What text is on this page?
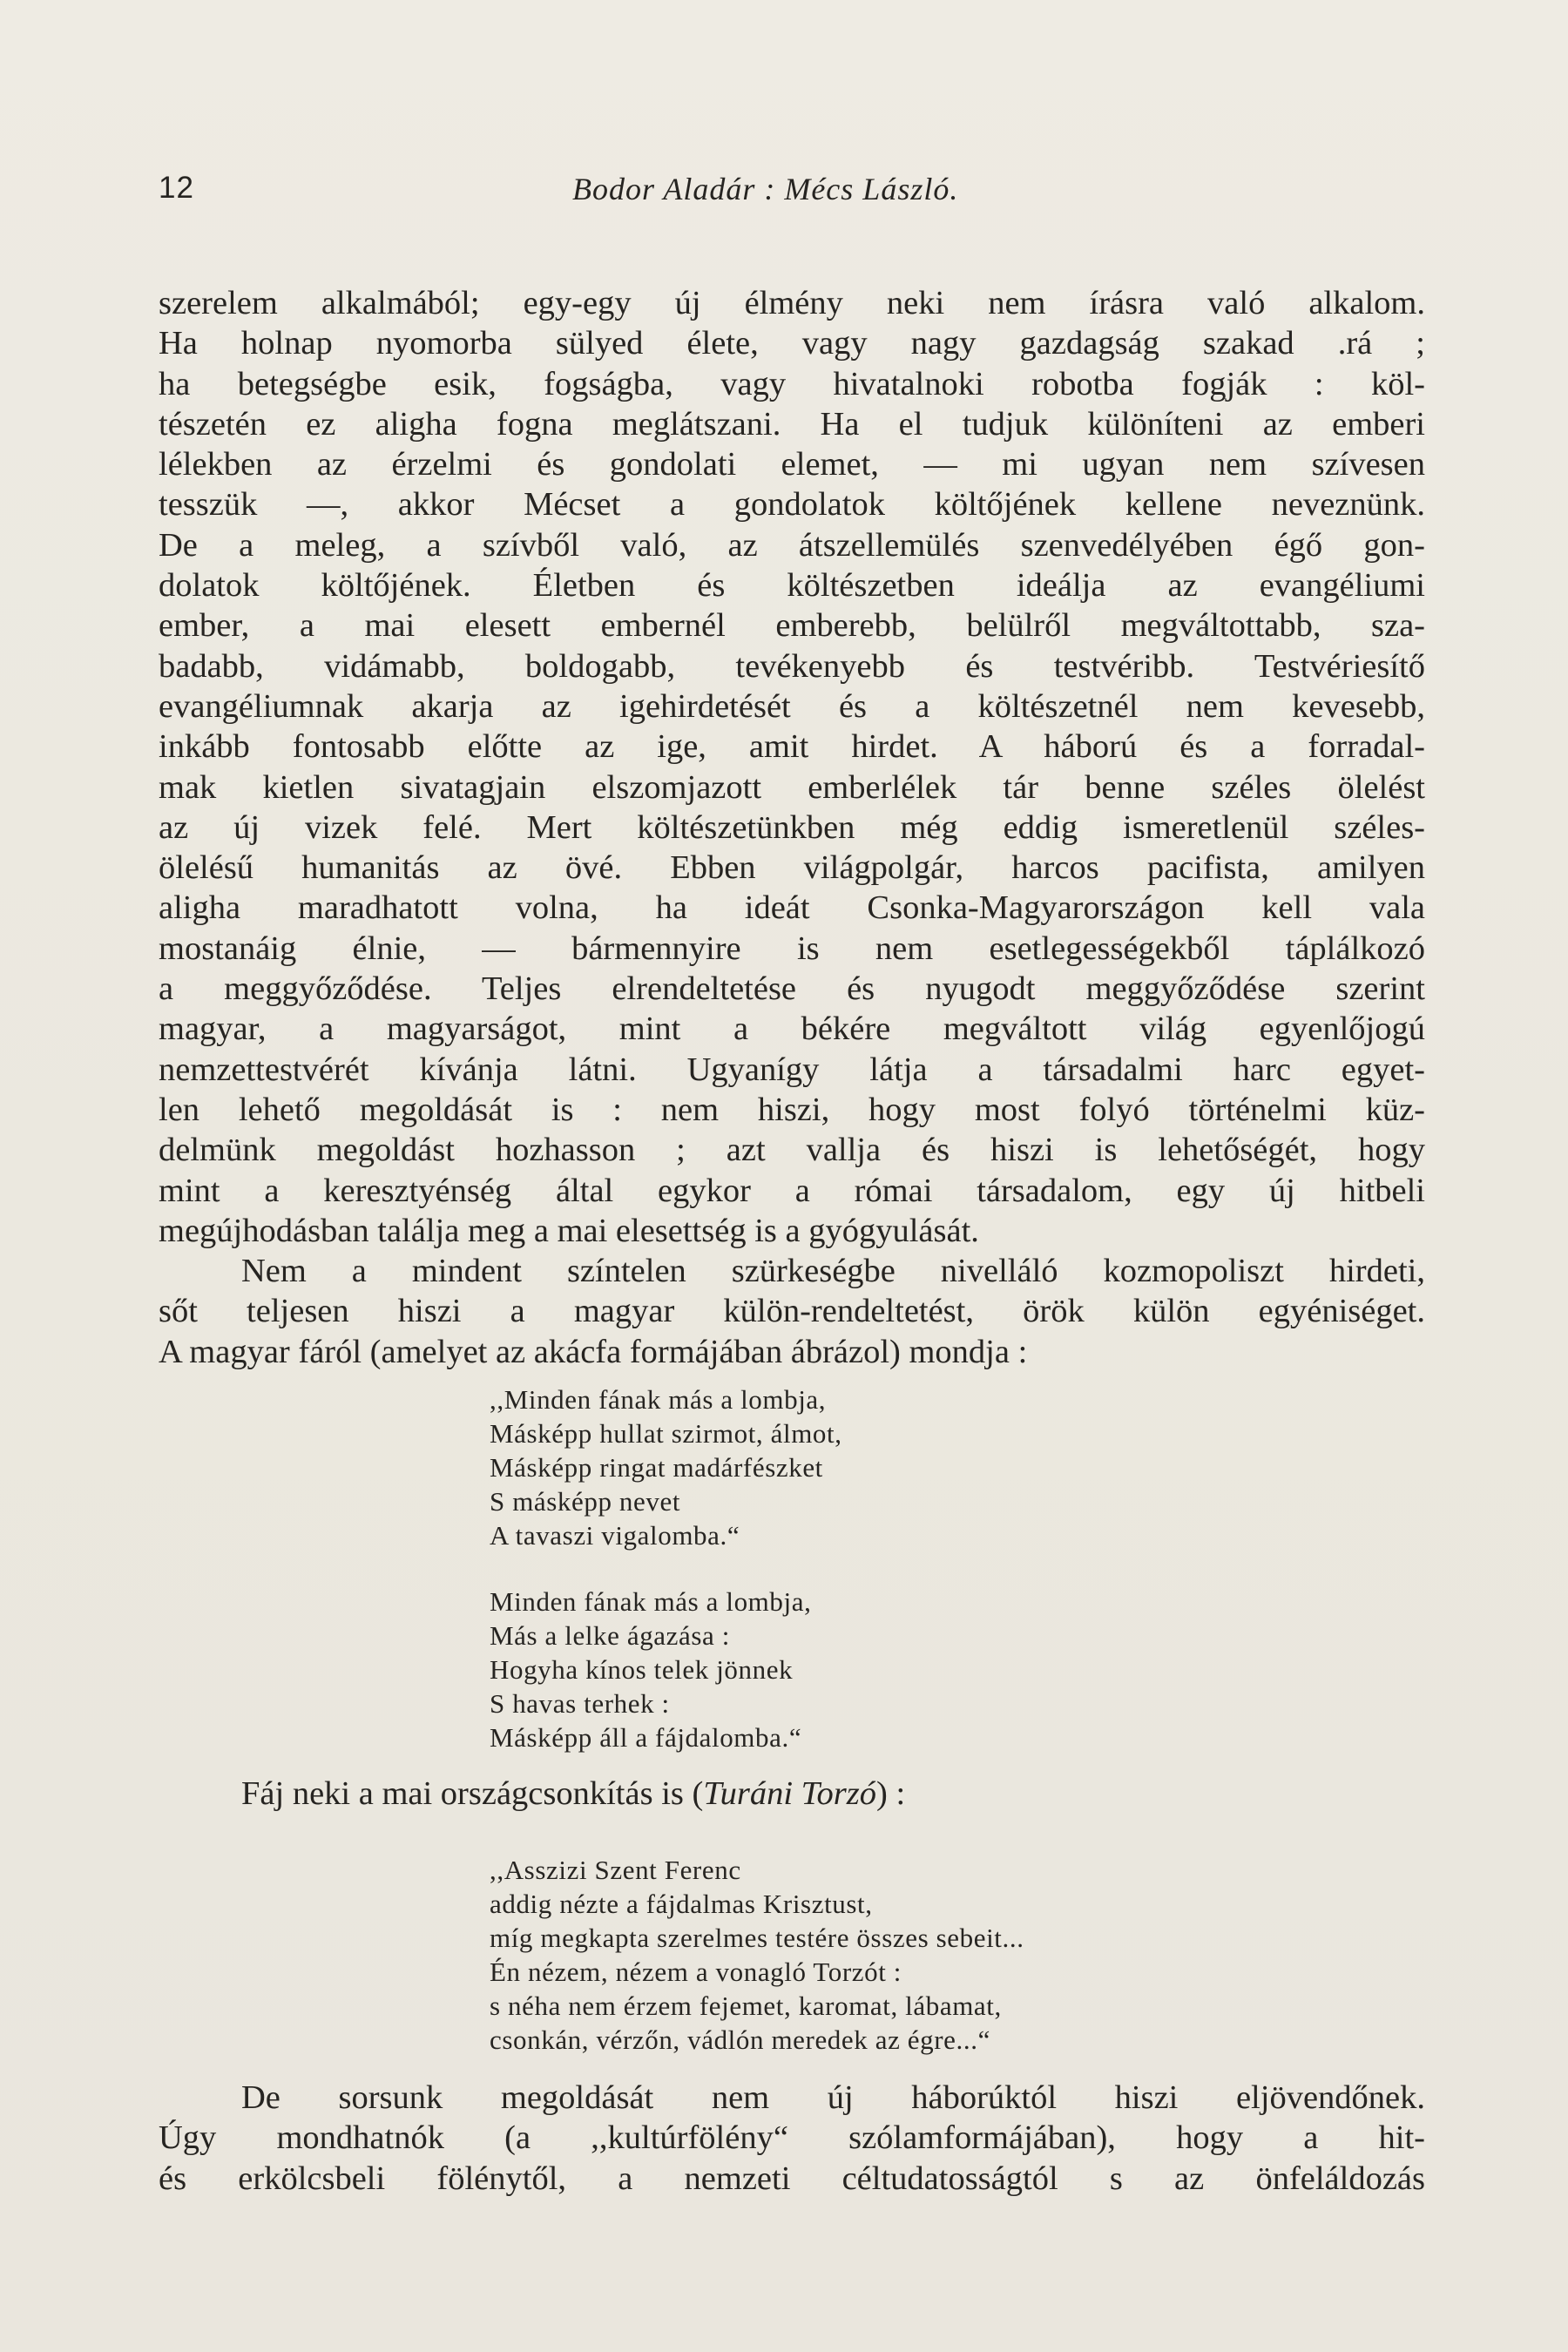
12	Bodor Aladár : Mécs László.
szerelem alkalmából; egy-egy új élmény neki nem írásra való alkalom.
Ha holnap nyomorba sülyed élete, vagy nagy gazdagság szakad .rá ;
ha betegségbe esik, fogságba, vagy hivatalnoki robotba fogják : köl-
tészetén ez aligha fogna meglátszani. Ha el tudjuk különíteni az emberi
lélekben az érzelmi és gondolati elemet, — mi ugyan nem szívesen
tesszük —, akkor Mécset a gondolatok költőjének kellene neveznünk.
De a meleg, a szívből való, az átszellemülés szenvedélyében égő gon-
dolatok költőjének. Életben és költészetben ideálja az evangéliumi
ember, a mai elesett embernél emberebb, belülről megváltottabb, sza-
badabb, vidámabb, boldogabb, tevékenyebb és testvéribb. Testvériesítő
evangéliumnak akarja az igehirdetését és a költészetnél nem kevesebb,
inkább fontosabb előtte az ige, amit hirdet. A háború és a forradal-
mak kietlen sivatagjain elszomjazott emberlélek tár benne széles ölelést
az új vizek felé. Mert költészetünkben még eddig ismeretlenül széles-
ölelésű humanitás az övé. Ebben világpolgár, harcos pacifista, amilyen
aligha maradhatott volna, ha ideát Csonka-Magyarországon kell vala
mostanáig élnie, — bármennyire is nem esetlegességekből táplálkozó
a meggyőződése. Teljes elrendeltetése és nyugodt meggyőződése szerint
magyar, a magyarságot, mint a békére megváltott világ egyenlőjogú
nemzettestvérét kívánja látni. Ugyanígy látja a társadalmi harc egyet-
len lehető megoldását is : nem hiszi, hogy most folyó történelmi küz-
delmünk megoldást hozhasson ; azt vallja és hiszi is lehetőségét, hogy
mint a keresztyénség által egykor a római társadalom, egy új hitbeli
megújhodásban találja meg a mai elesettség is a gyógyulását.
Nem a mindent színtelen szürkeségbe nivelláló kozmopoliszt hirdeti,
sőt teljesen hiszi a magyar külön-rendeltetést, örök külön egyéniséget.
A magyar fáról (amelyet az akácfa formájában ábrázol) mondja :
,,Minden fának más a lombja,
Másképp hullat szirmot, álmot,
Másképp ringat madárfészket
S másképp nevet
A tavaszi vigalomba.“
Minden fának más a lombja,
Más a lelke ágazása :
Hogyha kínos telek jönnek
S havas terhek :
Másképp áll a fájdalomba.“
Fáj neki a mai országcsonkítás is (Turáni Torzó) :
,,Asszizi Szent Ferenc
addig nézte a fájdalmas Krisztust,
míg megkapta szerelmes testére összes sebeit...
Én nézem, nézem a vonagló Torzót :
s néha nem érzem fejemet, karomat, lábamat,
csonkán, vérzőn, vádlón meredek az égre...“
De sorsunk megoldását nem új háborúktól hiszi eljövendőnek.
Úgy mondhatnók (a ,,kultúrfölény“ szólamformájában), hogy a hit-
és erkölcsbeli fölénytől, a nemzeti céltudatosságtól s az önfeláldozás
